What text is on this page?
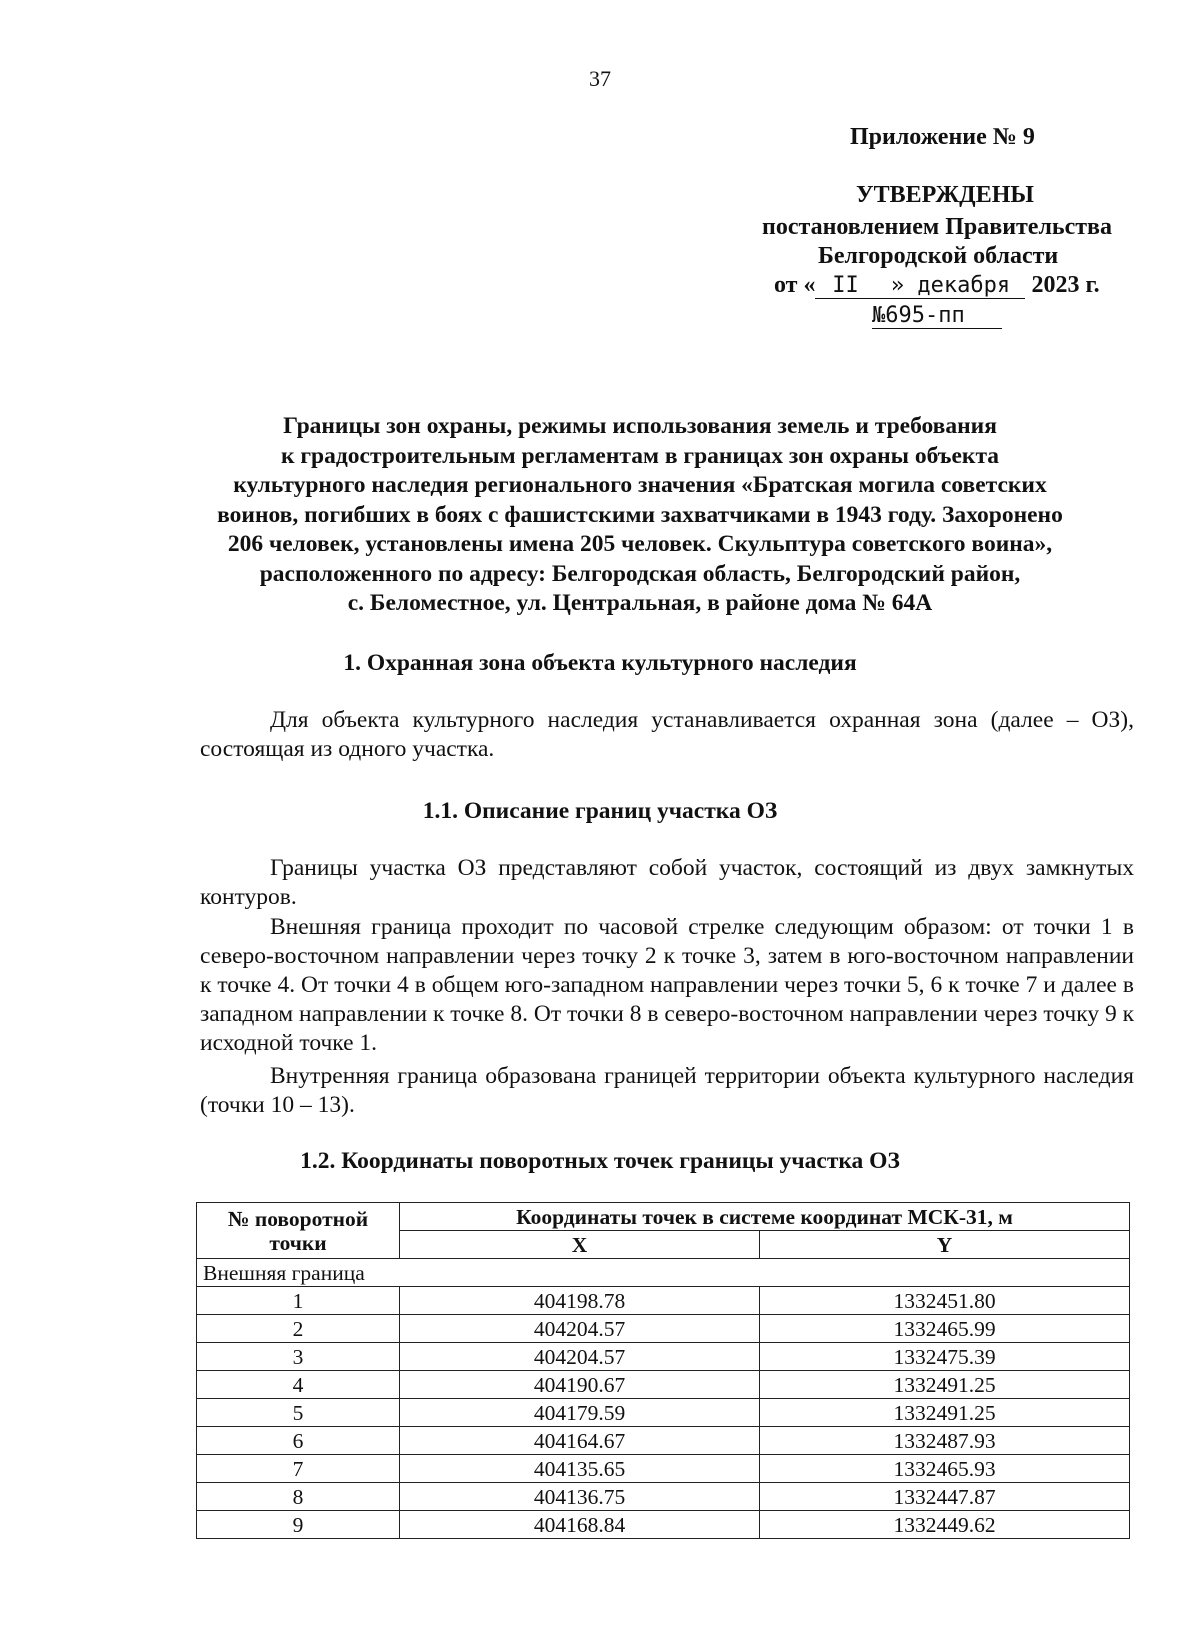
37
Приложение № 9
УТВЕРЖДЕНЫ
постановлением Правительства
Белгородской области
от « II » декабря 2023 г.
№695-пп
Границы зон охраны, режимы использования земель и требования
к градостроительным регламентам в границах зон охраны объекта
культурного наследия регионального значения «Братская могила советских
воинов, погибших в боях с фашистскими захватчиками в 1943 году. Захоронено
206 человек, установлены имена 205 человек. Скульптура советского воина»,
расположенного по адресу: Белгородская область, Белгородский район,
с. Беломестное, ул. Центральная, в районе дома № 64А
1. Охранная зона объекта культурного наследия
Для объекта культурного наследия устанавливается охранная зона (далее – ОЗ), состоящая из одного участка.
1.1. Описание границ участка ОЗ
Границы участка ОЗ представляют собой участок, состоящий из двух замкнутых контуров.
Внешняя граница проходит по часовой стрелке следующим образом: от точки 1 в северо-восточном направлении через точку 2 к точке 3, затем в юго-восточном направлении к точке 4. От точки 4 в общем юго-западном направлении через точки 5, 6 к точке 7 и далее в западном направлении к точке 8. От точки 8 в северо-восточном направлении через точку 9 к исходной точке 1.
Внутренняя граница образована границей территории объекта культурного наследия (точки 10 – 13).
1.2. Координаты поворотных точек границы участка ОЗ
№ поворотной точки	Координаты точек в системе координат МСК-31, м	
	X	Y
Внешняя граница		
1	404198.78	1332451.80
2	404204.57	1332465.99
3	404204.57	1332475.39
4	404190.67	1332491.25
5	404179.59	1332491.25
6	404164.67	1332487.93
7	404135.65	1332465.93
8	404136.75	1332447.87
9	404168.84	1332449.62
